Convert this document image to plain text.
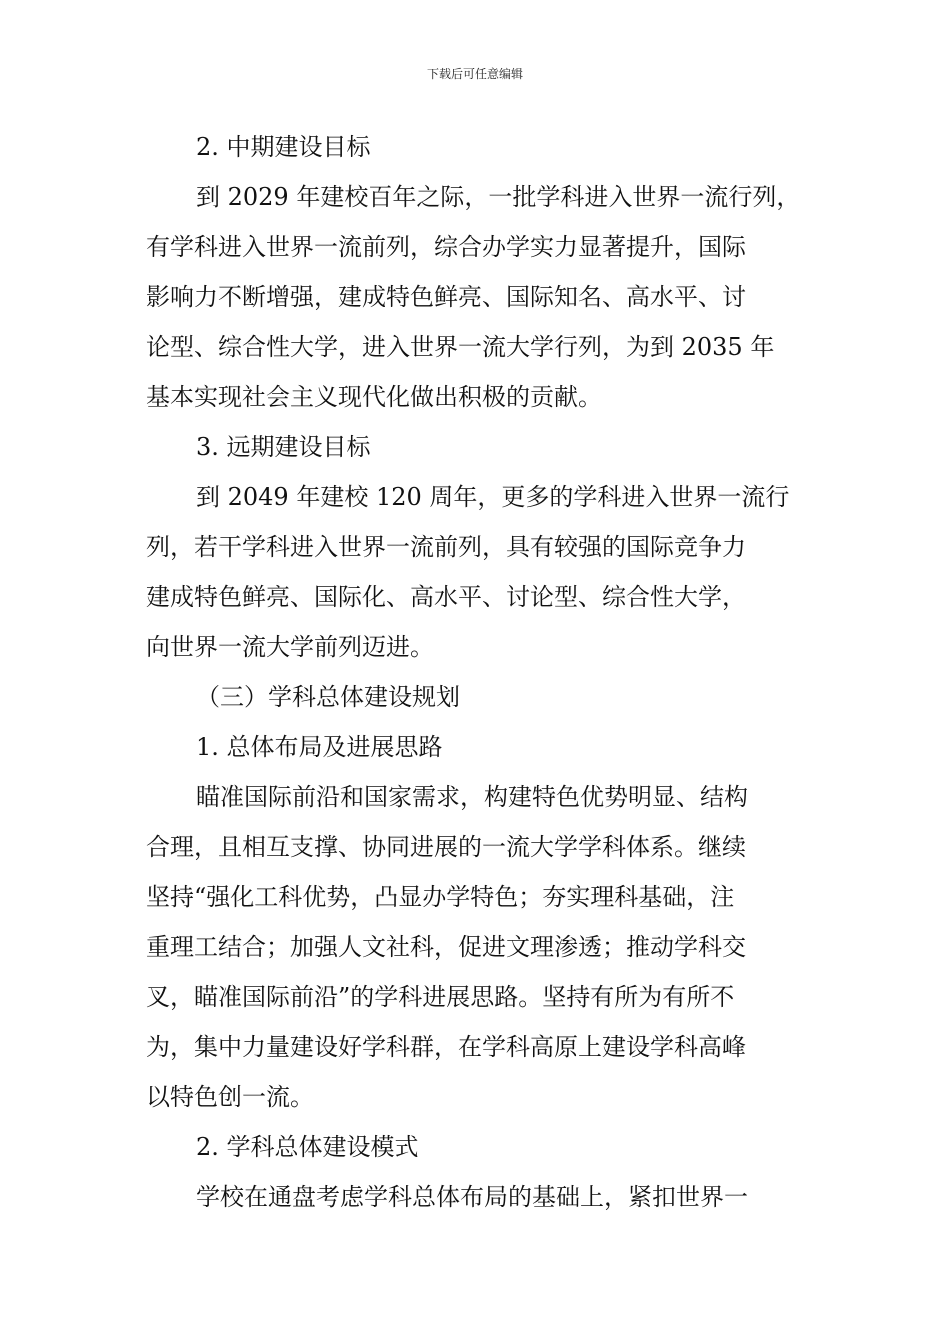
下载后可任意编辑
2. 中期建设目标
到 2029 年建校百年之际，一批学科进入世界一流行列，
有学科进入世界一流前列，综合办学实力显著提升，国际
影响力不断增强，建成特色鲜亮、国际知名、高水平、讨
论型、综合性大学，进入世界一流大学行列，为到 2035 年
基本实现社会主义现代化做出积极的贡献。
3. 远期建设目标
到 2049 年建校 120 周年，更多的学科进入世界一流行
列，若干学科进入世界一流前列，具有较强的国际竞争力
建成特色鲜亮、国际化、高水平、讨论型、综合性大学，
向世界一流大学前列迈进。
（三）学科总体建设规划
1. 总体布局及进展思路
瞄准国际前沿和国家需求，构建特色优势明显、结构
合理，且相互支撑、协同进展的一流大学学科体系。继续
坚持“强化工科优势，凸显办学特色；夯实理科基础，注
重理工结合；加强人文社科，促进文理渗透；推动学科交
叉，瞄准国际前沿”的学科进展思路。坚持有所为有所不
为，集中力量建设好学科群，在学科高原上建设学科高峰
以特色创一流。
2. 学科总体建设模式
学校在通盘考虑学科总体布局的基础上，紧扣世界一
